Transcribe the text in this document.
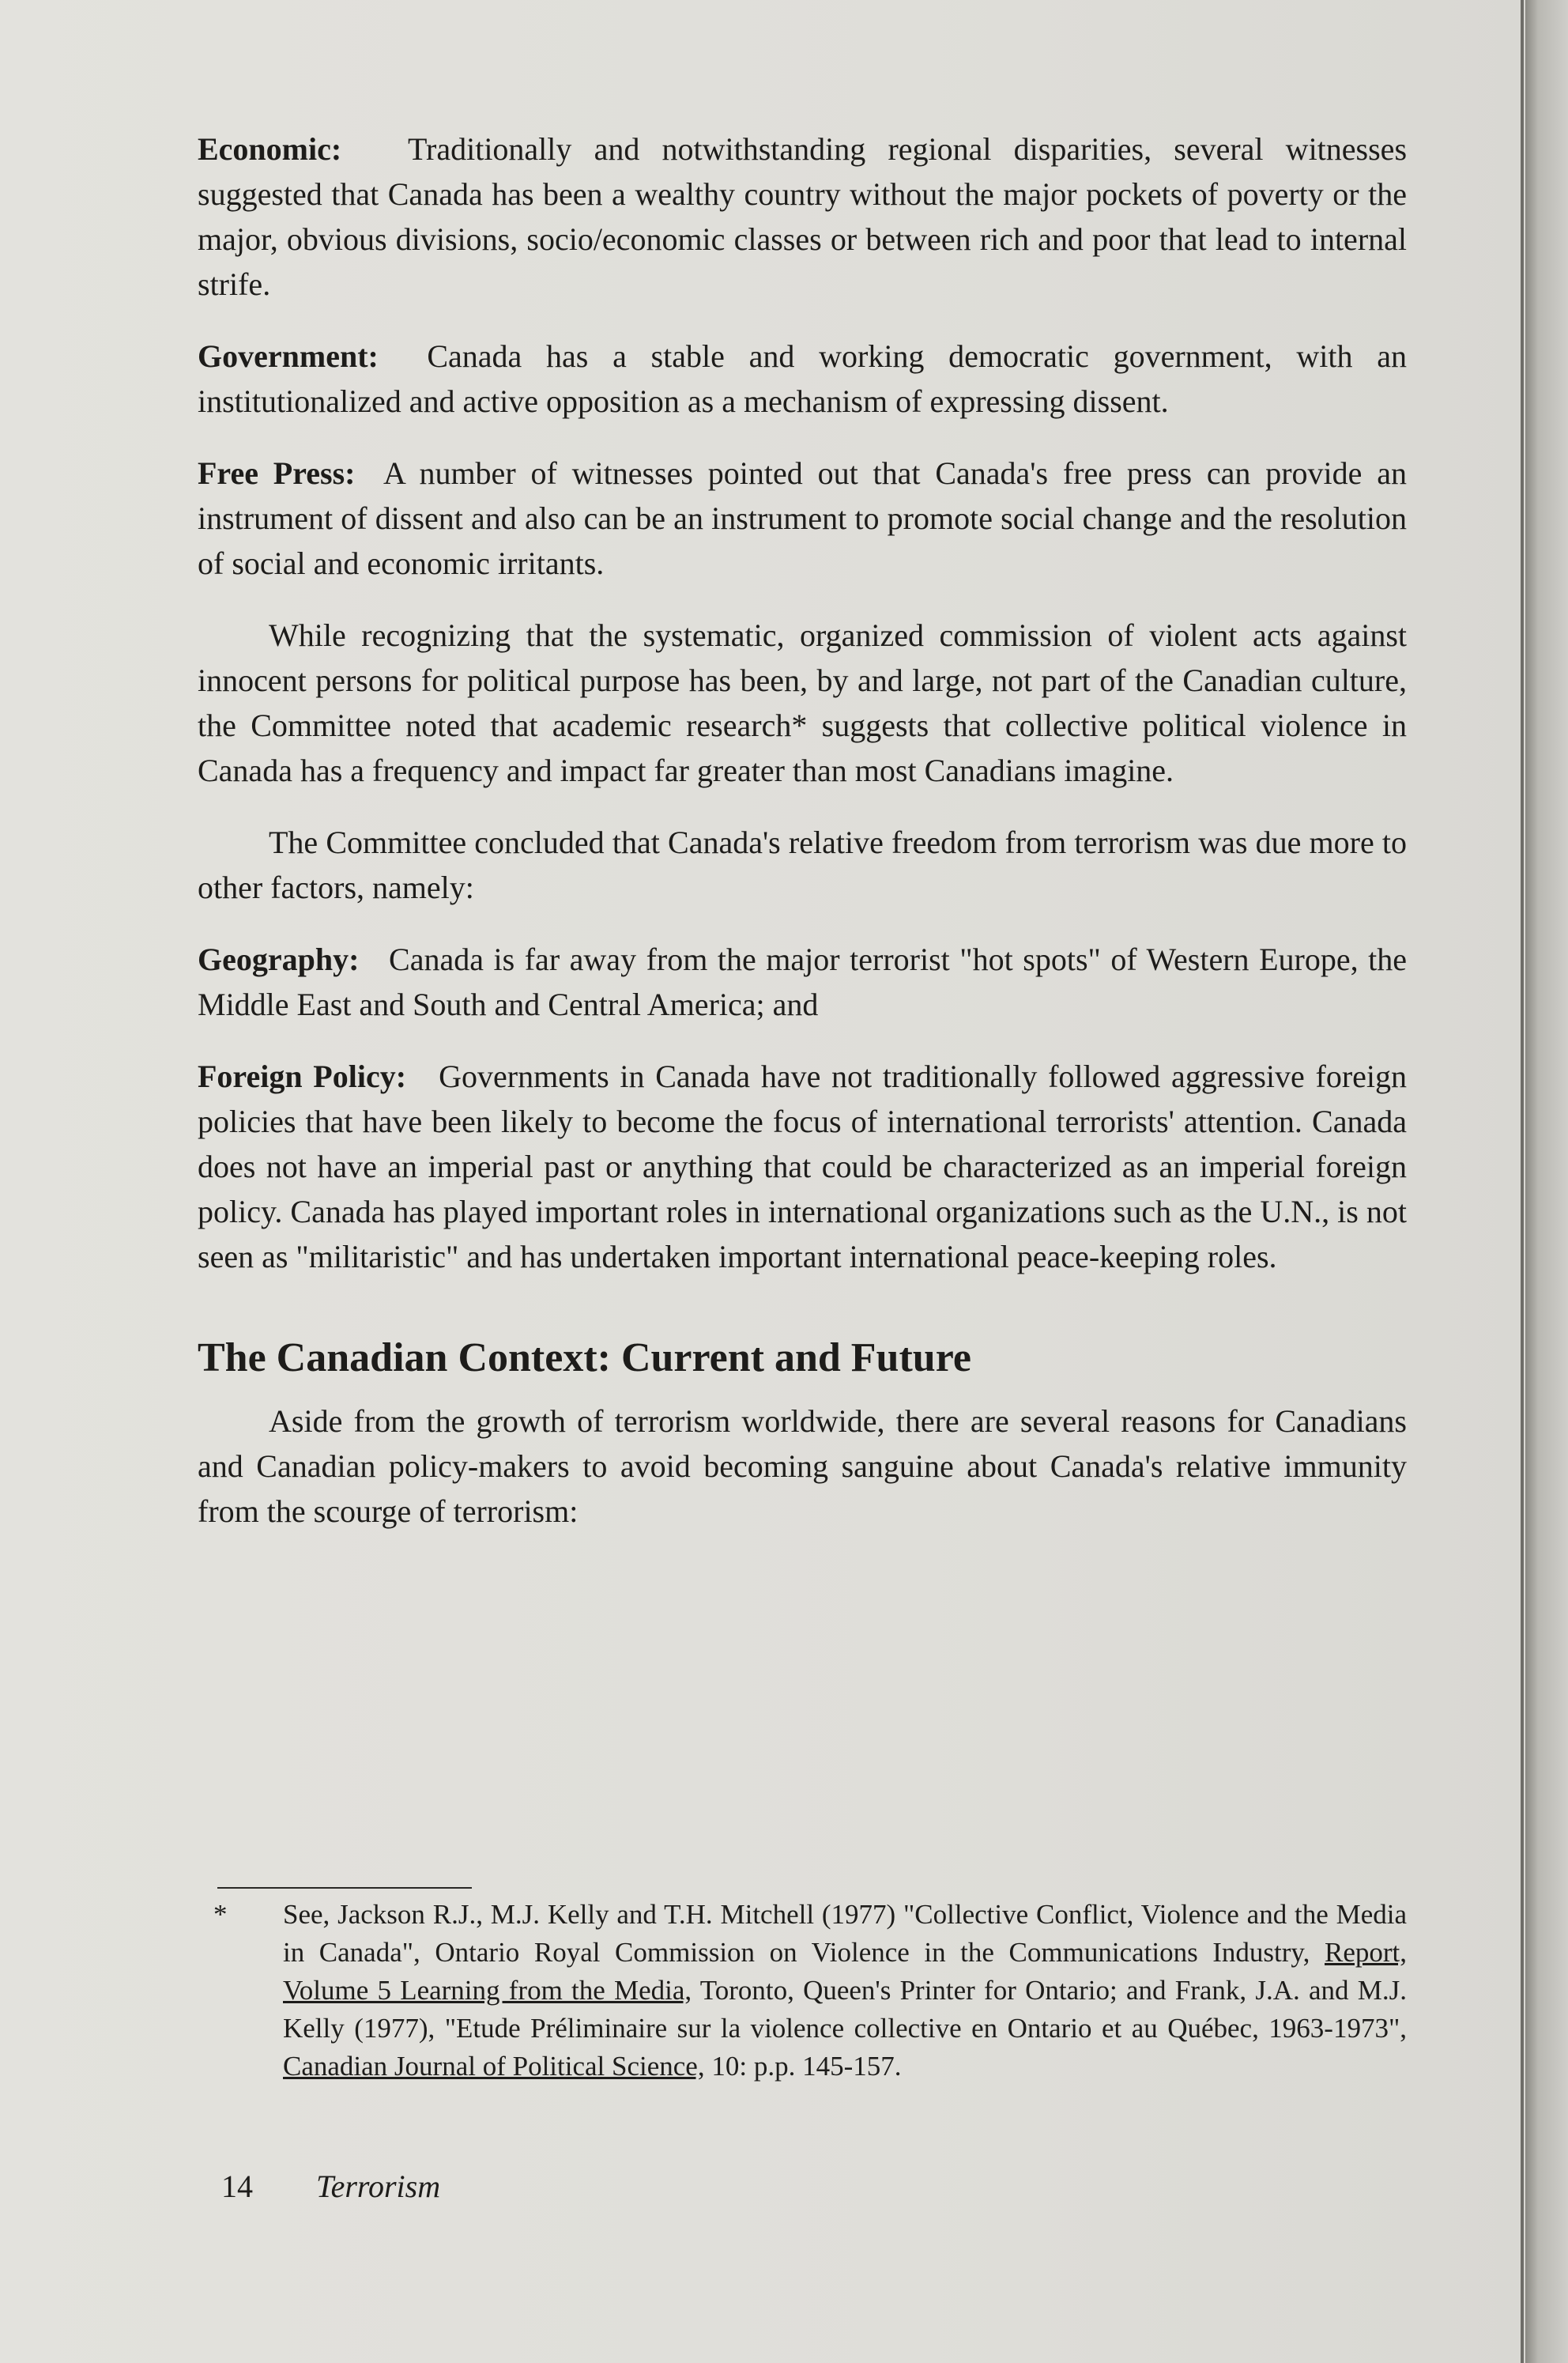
Economic: Traditionally and notwithstanding regional disparities, several witnesses suggested that Canada has been a wealthy country without the major pockets of poverty or the major, obvious divisions, socio/economic classes or between rich and poor that lead to internal strife.

Government: Canada has a stable and working democratic government, with an institutionalized and active opposition as a mechanism of expressing dissent.

Free Press: A number of witnesses pointed out that Canada's free press can provide an instrument of dissent and also can be an instrument to promote social change and the resolution of social and economic irritants.

While recognizing that the systematic, organized commission of violent acts against innocent persons for political purpose has been, by and large, not part of the Canadian culture, the Committee noted that academic research* suggests that collective political violence in Canada has a frequency and impact far greater than most Canadians imagine.

The Committee concluded that Canada's relative freedom from terrorism was due more to other factors, namely:

Geography: Canada is far away from the major terrorist "hot spots" of Western Europe, the Middle East and South and Central America; and

Foreign Policy: Governments in Canada have not traditionally followed aggressive foreign policies that have been likely to become the focus of international terrorists' attention. Canada does not have an imperial past or anything that could be characterized as an imperial foreign policy. Canada has played important roles in international organizations such as the U.N., is not seen as "militaristic" and has undertaken important international peace-keeping roles.

The Canadian Context: Current and Future

Aside from the growth of terrorism worldwide, there are several reasons for Canadians and Canadian policy-makers to avoid becoming sanguine about Canada's relative immunity from the scourge of terrorism:

* See, Jackson R.J., M.J. Kelly and T.H. Mitchell (1977) "Collective Conflict, Violence and the Media in Canada", Ontario Royal Commission on Violence in the Communications Industry, Report, Volume 5 Learning from the Media, Toronto, Queen's Printer for Ontario; and Frank, J.A. and M.J. Kelly (1977), "Etude Préliminaire sur la violence collective en Ontario et au Québec, 1963-1973", Canadian Journal of Political Science, 10: p.p. 145-157.
14 Terrorism
